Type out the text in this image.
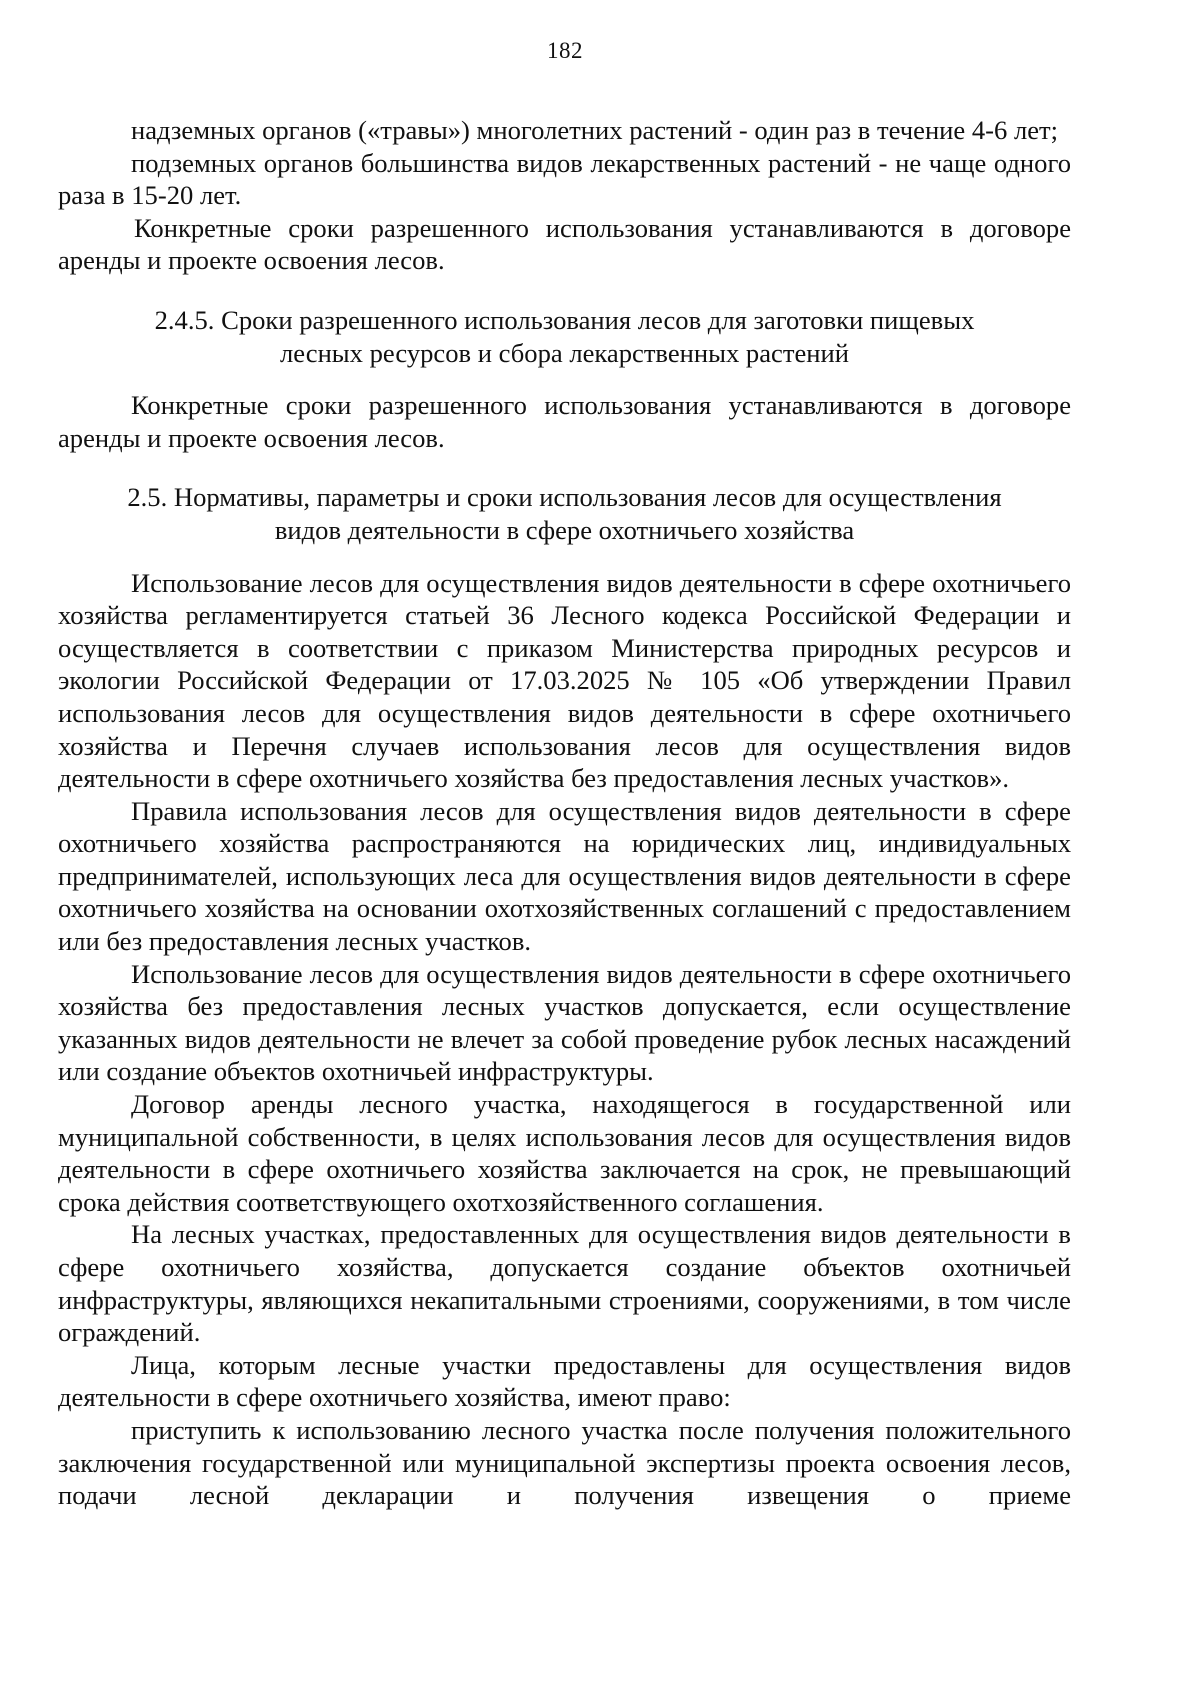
182

надземных органов («травы») многолетних растений - один раз в течение 4-6 лет;

подземных органов большинства видов лекарственных растений - не чаще одного раза в 15-20 лет.

Конкретные сроки разрешенного использования устанавливаются в договоре аренды и проекте освоения лесов.

2.4.5. Сроки разрешенного использования лесов для заготовки пищевых
лесных ресурсов и сбора лекарственных растений

Конкретные сроки разрешенного использования устанавливаются в договоре аренды и проекте освоения лесов.

2.5. Нормативы, параметры и сроки использования лесов для осуществления
видов деятельности в сфере охотничьего хозяйства

Использование лесов для осуществления видов деятельности в сфере охотничьего хозяйства регламентируется статьей 36 Лесного кодекса Российской Федерации и осуществляется в соответствии с приказом Министерства природных ресурсов и экологии Российской Федерации от 17.03.2025 № 105 «Об утверждении Правил использования лесов для осуществления видов деятельности в сфере охотничьего хозяйства и Перечня случаев использования лесов для осуществления видов деятельности в сфере охотничьего хозяйства без предоставления лесных участков».

Правила использования лесов для осуществления видов деятельности в сфере охотничьего хозяйства распространяются на юридических лиц, индивидуальных предпринимателей, использующих леса для осуществления видов деятельности в сфере охотничьего хозяйства на основании охотхозяйственных соглашений с предоставлением или без предоставления лесных участков.

Использование лесов для осуществления видов деятельности в сфере охотничьего хозяйства без предоставления лесных участков допускается, если осуществление указанных видов деятельности не влечет за собой проведение рубок лесных насаждений или создание объектов охотничьей инфраструктуры.

Договор аренды лесного участка, находящегося в государственной или муниципальной собственности, в целях использования лесов для осуществления видов деятельности в сфере охотничьего хозяйства заключается на срок, не превышающий срока действия соответствующего охотхозяйственного соглашения.

На лесных участках, предоставленных для осуществления видов деятельности в сфере охотничьего хозяйства, допускается создание объектов охотничьей инфраструктуры, являющихся некапитальными строениями, сооружениями, в том числе ограждений.

Лица, которым лесные участки предоставлены для осуществления видов деятельности в сфере охотничьего хозяйства, имеют право:

приступить к использованию лесного участка после получения положительного заключения государственной или муниципальной экспертизы проекта освоения лесов, подачи лесной декларации и получения извещения о приеме
